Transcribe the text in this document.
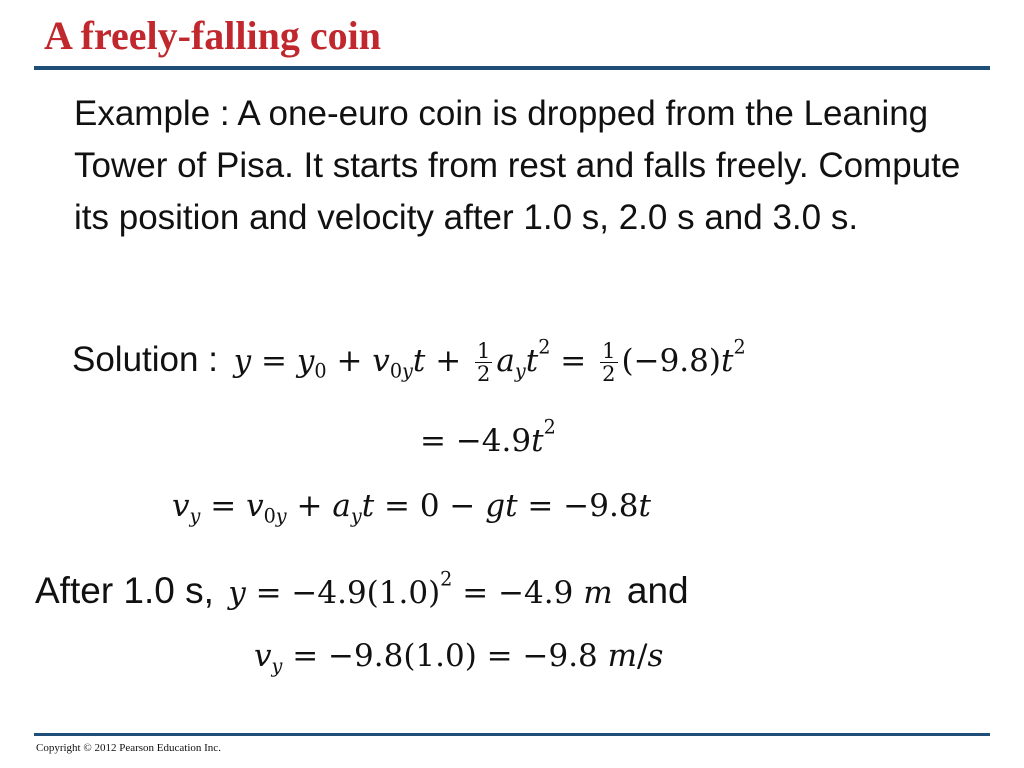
A freely-falling coin
Example : A one-euro coin is dropped from the Leaning Tower of Pisa. It starts from rest and falls freely. Compute its position and velocity after 1.0 s, 2.0 s and 3.0 s.
Solution : $y = y_0 + v_{0y}t + \frac{1}{2} a_yt^2 = \frac{1}{2} (-9.8)t^2$
= $-4.9t^2$
$v_y = v_{0y} + a_yt = 0$ − gt = −9.8t
After 1.0 s, $y = -4.9(1.0)^2 = -4.9$ m and
$v_y = -9.8(1.0) = -9.8$ m/s
Copyright © 2012 Pearson Education Inc.
